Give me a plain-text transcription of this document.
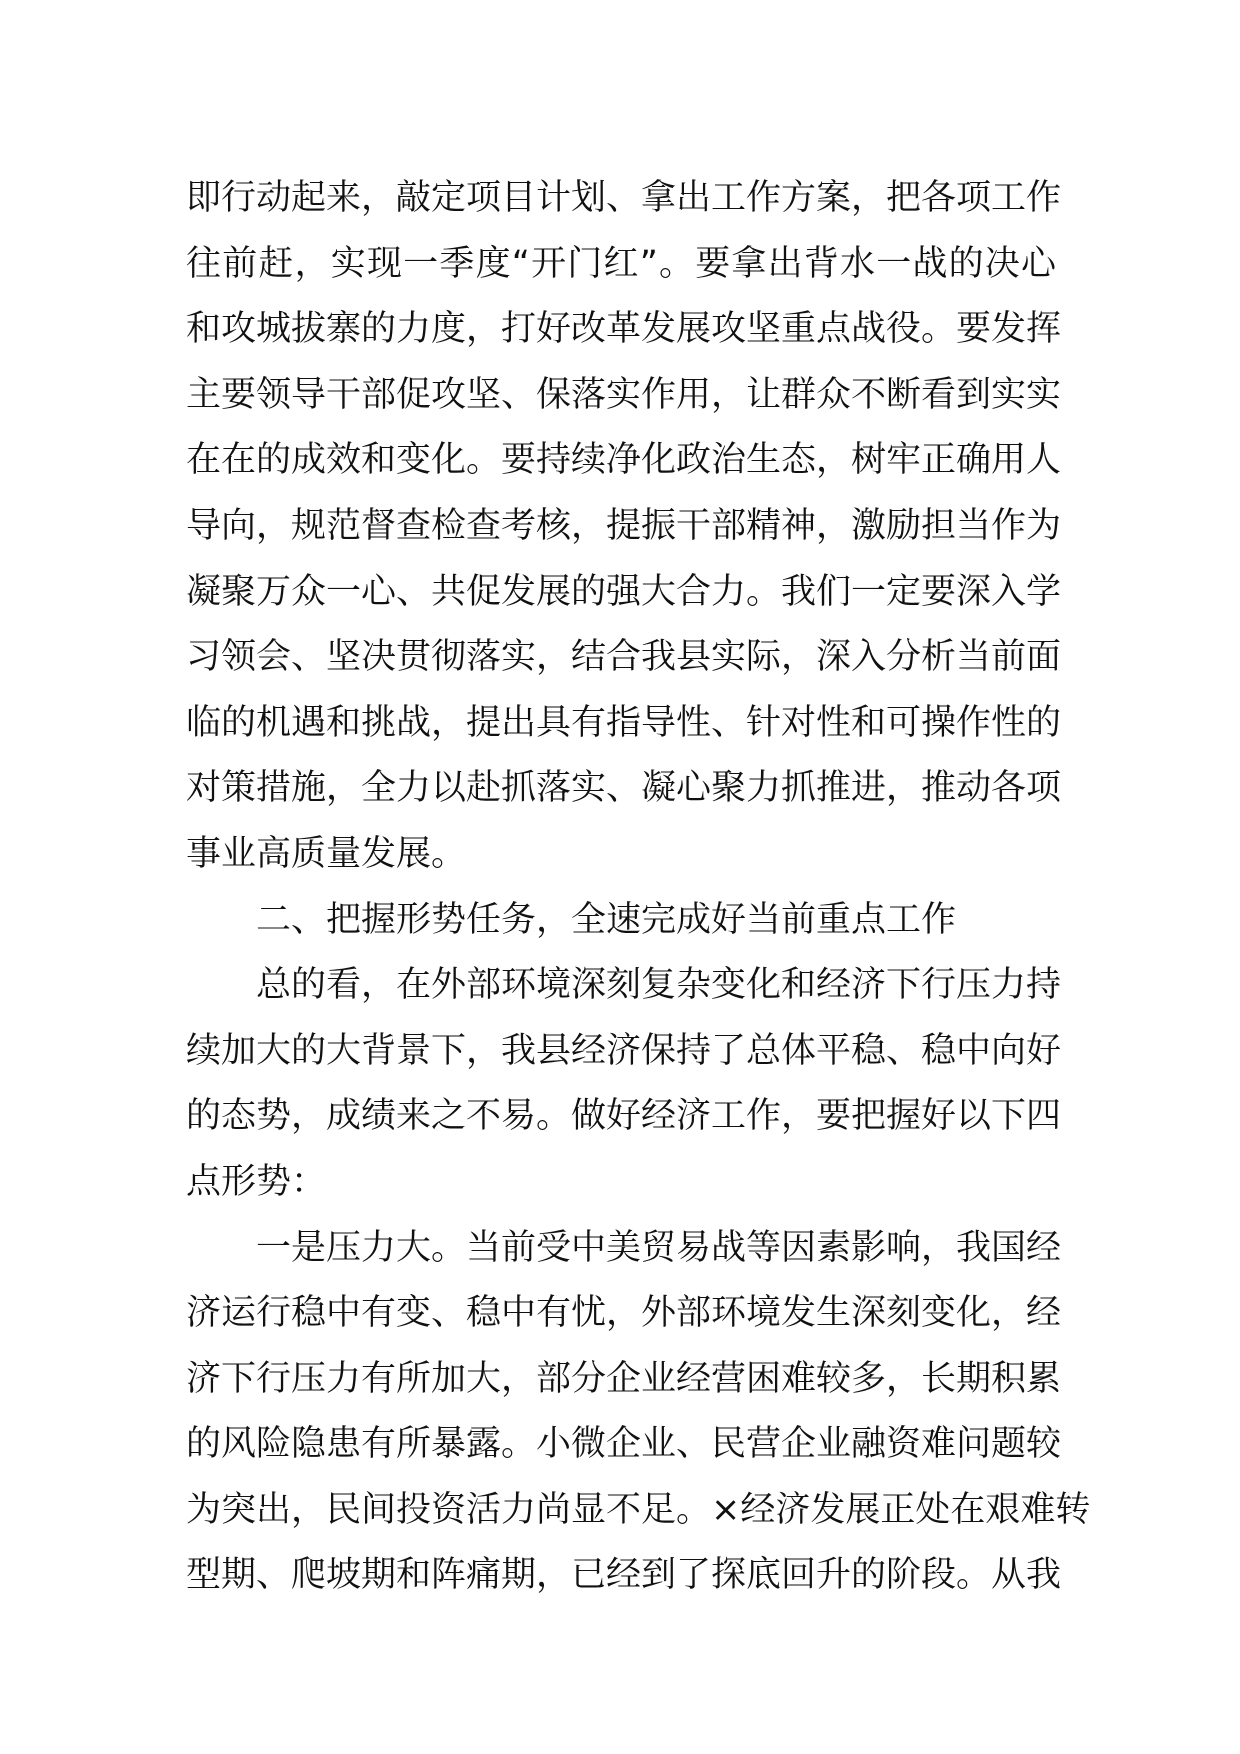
即行动起来，敲定项目计划、拿出工作方案，把各项工作
往前赶，实现一季度“开门红”。要拿出背水一战的决心
和攻城拔寨的力度，打好改革发展攻坚重点战役。要发挥
主要领导干部促攻坚、保落实作用，让群众不断看到实实
在在的成效和变化。要持续净化政治生态，树牢正确用人
导向，规范督查检查考核，提振干部精神，激励担当作为
凝聚万众一心、共促发展的强大合力。我们一定要深入学
习领会、坚决贯彻落实，结合我县实际，深入分析当前面
临的机遇和挑战，提出具有指导性、针对性和可操作性的
对策措施，全力以赴抓落实、凝心聚力抓推进，推动各项
事业高质量发展。
二、把握形势任务，全速完成好当前重点工作
总的看，在外部环境深刻复杂变化和经济下行压力持
续加大的大背景下，我县经济保持了总体平稳、稳中向好
的态势，成绩来之不易。做好经济工作，要把握好以下四
点形势：
一是压力大。当前受中美贸易战等因素影响，我国经
济运行稳中有变、稳中有忧，外部环境发生深刻变化，经
济下行压力有所加大，部分企业经营困难较多，长期积累
的风险隐患有所暴露。小微企业、民营企业融资难问题较
为突出，民间投资活力尚显不足。×经济发展正处在艰难转
型期、爬坡期和阵痛期，已经到了探底回升的阶段。从我
